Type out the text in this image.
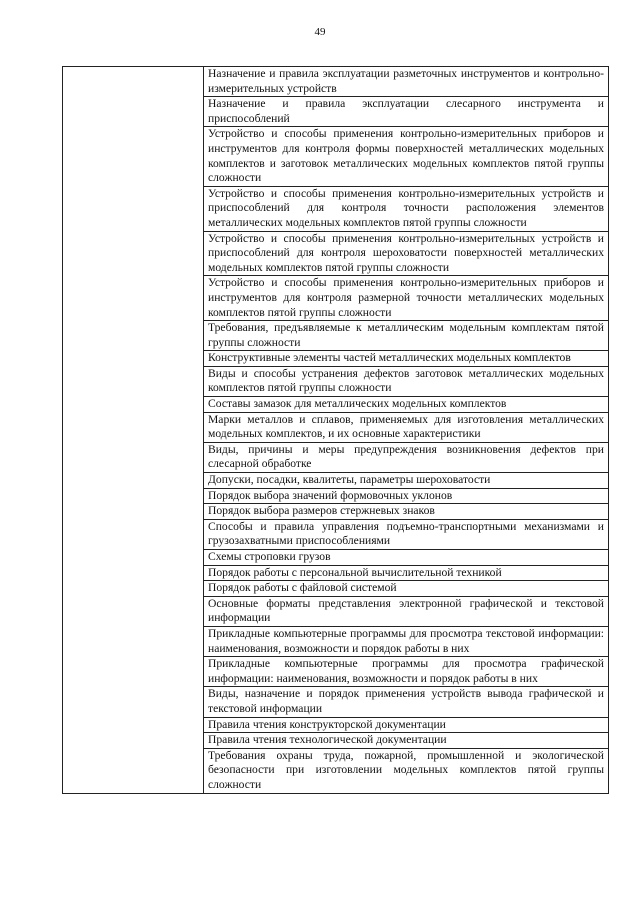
49
	Назначение и правила эксплуатации разметочных инструментов и контрольно-измерительных устройств
Назначение и правила эксплуатации слесарного инструмента и приспособлений
Устройство и способы применения контрольно-измерительных приборов и инструментов для контроля формы поверхностей металлических модельных комплектов и заготовок металлических модельных комплектов пятой группы сложности
Устройство и способы применения контрольно-измерительных устройств и приспособлений для контроля точности расположения элементов металлических модельных комплектов пятой группы сложности
Устройство и способы применения контрольно-измерительных устройств и приспособлений для контроля шероховатости поверхностей металлических модельных комплектов пятой группы сложности
Устройство и способы применения контрольно-измерительных приборов и инструментов для контроля размерной точности металлических модельных комплектов пятой группы сложности
Требования, предъявляемые к металлическим модельным комплектам пятой группы сложности
Конструктивные элементы частей металлических модельных комплектов
Виды и способы устранения дефектов заготовок металлических модельных комплектов пятой группы сложности
Составы замазок для металлических модельных комплектов
Марки металлов и сплавов, применяемых для изготовления металлических модельных комплектов, и их основные характеристики
Виды, причины и меры предупреждения возникновения дефектов при слесарной обработке
Допуски, посадки, квалитеты, параметры шероховатости
Порядок выбора значений формовочных уклонов
Порядок выбора размеров стержневых знаков
Способы и правила управления подъемно-транспортными механизмами и грузозахватными приспособлениями
Схемы строповки грузов
Порядок работы с персональной вычислительной техникой
Порядок работы с файловой системой
Основные форматы представления электронной графической и текстовой информации
Прикладные компьютерные программы для просмотра текстовой информации: наименования, возможности и порядок работы в них
Прикладные компьютерные программы для просмотра графической информации: наименования, возможности и порядок работы в них
Виды, назначение и порядок применения устройств вывода графической и текстовой информации
Правила чтения конструкторской документации
Правила чтения технологической документации
Требования охраны труда, пожарной, промышленной и экологической безопасности при изготовлении модельных комплектов пятой группы сложности
